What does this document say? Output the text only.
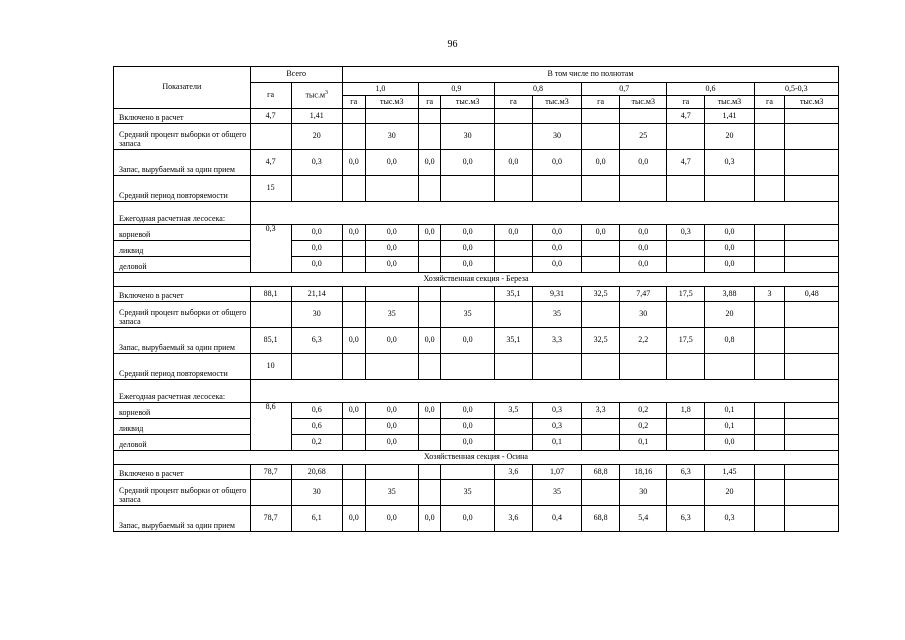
96
Показатели	Всего		В том числе по полнотам											
	га	$тыс.м^3$	1,0		0,9		0,8		0,7		0,6		0,5-0,3	
			га	тыс.м3	га	тыс.м3	га	тыс.м3	га	тыс.м3	га	тыс.м3	га	тыс.м3
Включено в расчет	4,7	1,41									4,7	1,41		
Средний процент выборки от общего запаса		20		30		30		30		25		20		
Запас, вырубаемый за один прием	4,7	0,3	0,0	0,0	0,0	0,0	0,0	0,0	0,0	0,0	4,7	0,3		
Средний период повторяемости	15													
Ежегодная расчетная лесосека:														
корневой	0,3	0,0	0,0	0,0	0,0	0,0	0,0	0,0	0,0	0,0	0,3	0,0		
ликвид		0,0		0,0		0,0		0,0		0,0		0,0		
деловой		0,0		0,0		0,0		0,0		0,0		0,0		
Хозяйственная секция - Береза														
Включено в расчет	88,1	21,14					35,1	9,31	32,5	7,47	17,5	3,88	3	0,48
Средний процент выборки от общего запаса		30		35		35		35		30		20		
Запас, вырубаемый за один прием	85,1	6,3	0,0	0,0	0,0	0,0	35,1	3,3	32,5	2,2	17,5	0,8		
Средний период повторяемости	10													
Ежегодная расчетная лесосека:														
корневой	8,6	0,6	0,0	0,0	0,0	0,0	3,5	0,3	3,3	0,2	1,8	0,1		
ликвид		0,6		0,0		0,0		0,3		0,2		0,1		
деловой		0,2		0,0		0,0		0,1		0,1		0,0		
Хозяйственная секция - Осина														
Включено в расчет	78,7	20,68					3,6	1,07	68,8	18,16	6,3	1,45		
Средний процент выборки от общего запаса		30		35		35		35		30		20		
Запас, вырубаемый за один прием	78,7	6,1	0,0	0,0	0,0	0,0	3,6	0,4	68,8	5,4	6,3	0,3		
